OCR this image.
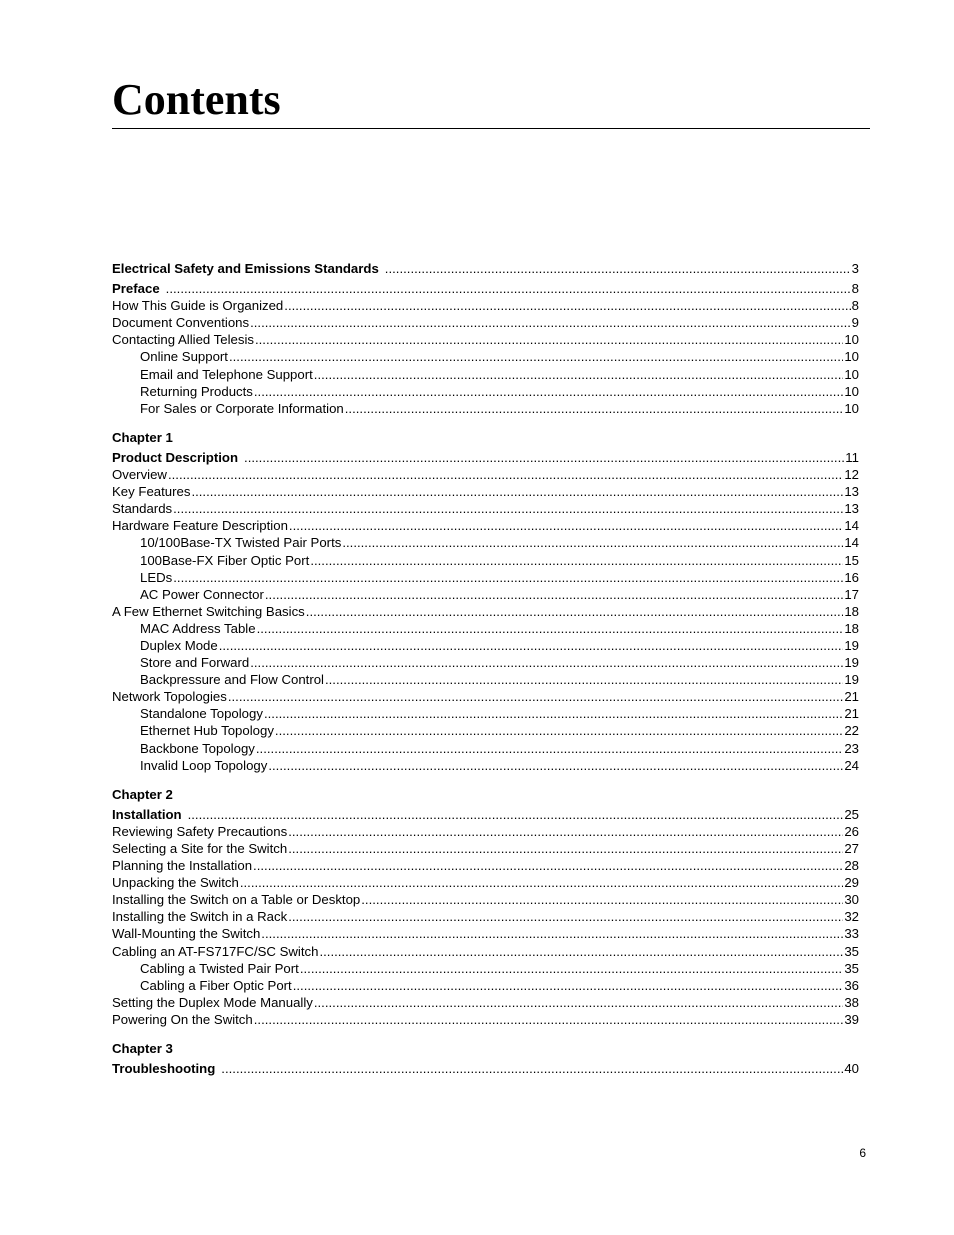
Contents
Electrical Safety and Emissions Standards .....	3
Preface .....	8
How This Guide is Organized .....	8
Document Conventions .....	9
Contacting Allied Telesis .....	10
Online Support .....	10
Email and Telephone Support .....	10
Returning Products .....	10
For Sales or Corporate Information .....	10
Chapter 1
Product Description .....	11
Overview .....	12
Key Features .....	13
Standards .....	13
Hardware Feature Description .....	14
10/100Base-TX Twisted Pair Ports .....	14
100Base-FX Fiber Optic Port .....	15
LEDs .....	16
AC Power Connector .....	17
A Few Ethernet Switching Basics .....	18
MAC Address Table .....	18
Duplex Mode .....	19
Store and Forward .....	19
Backpressure and Flow Control .....	19
Network Topologies .....	21
Standalone Topology .....	21
Ethernet Hub Topology .....	22
Backbone Topology .....	23
Invalid Loop Topology .....	24
Chapter 2
Installation .....	25
Reviewing Safety Precautions .....	26
Selecting a Site for the Switch .....	27
Planning the Installation .....	28
Unpacking the Switch .....	29
Installing the Switch on a Table or Desktop .....	30
Installing the Switch in a Rack .....	32
Wall-Mounting the Switch .....	33
Cabling an AT-FS717FC/SC Switch .....	35
Cabling a Twisted Pair Port .....	35
Cabling a Fiber Optic Port .....	36
Setting the Duplex Mode Manually .....	38
Powering On the Switch .....	39
Chapter 3
Troubleshooting .....	40
6
